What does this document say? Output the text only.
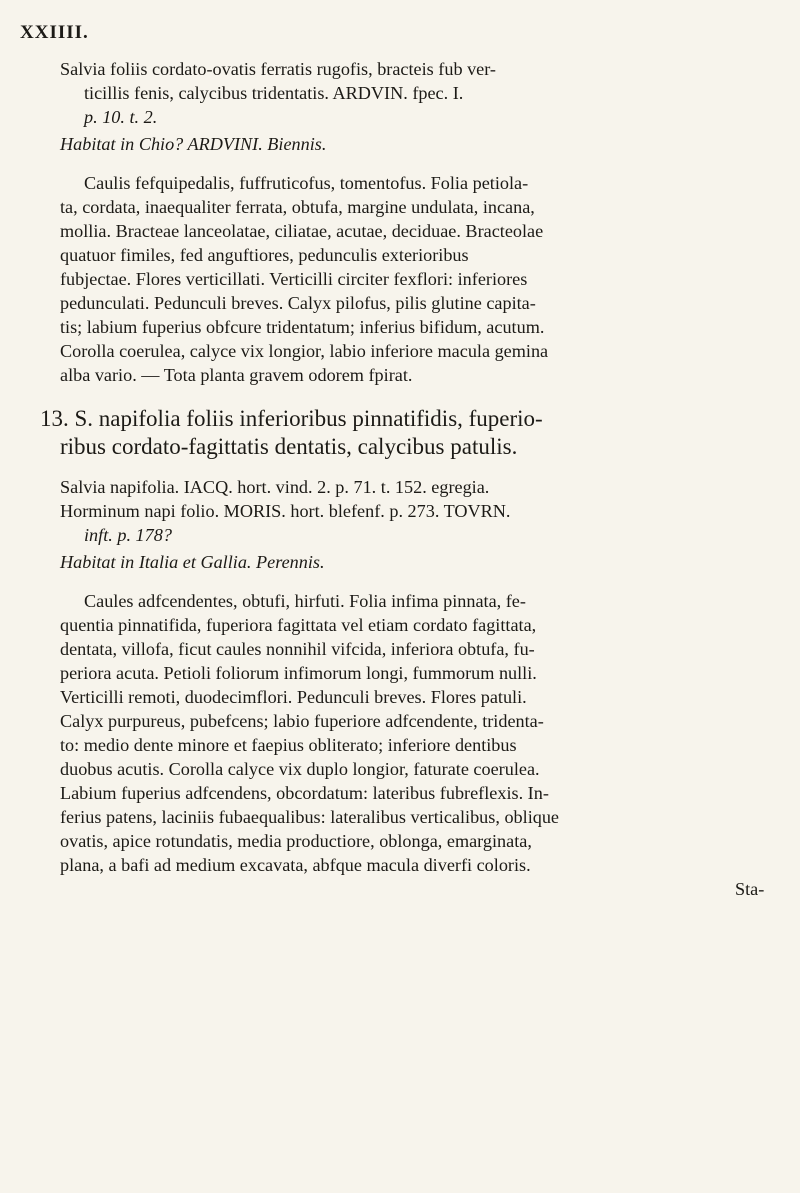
XXIIII.
Salvia foliis cordato-ovatis ferratis rugofis, bracteis fub ver-
ticillis fenis, calycibus tridentatis. ARDVIN. fpec. I.
p. 10. t. 2.
Habitat in Chio? ARDVINI. Biennis.
Caulis fefquipedalis, fuffruticofus, tomentofus. Folia petiola-
ta, cordata, inaequaliter ferrata, obtufa, margine undulata, incana,
mollia. Bracteae lanceolatae, ciliatae, acutae, deciduae. Bracteolae
quatuor fimiles, fed anguftiores, pedunculis exterioribus
fubjectae. Flores verticillati. Verticilli circiter fexflori: inferiores
pedunculati. Pedunculi breves. Calyx pilofus, pilis glutine capita-
tis; labium fuperius obfcure tridentatum; inferius bifidum, acutum.
Corolla coerulea, calyce vix longior, labio inferiore macula gemina
alba vario. — Tota planta gravem odorem fpirat.
13. S. napifolia foliis inferioribus pinnatifidis, fuperio-
ribus cordato-fagittatis dentatis, calycibus patulis.
Salvia napifolia. IACQ. hort. vind. 2. p. 71. t. 152. egregia.
Horminum napi folio. MORIS. hort. blefenf. p. 273. TOVRN.
inft. p. 178?
Habitat in Italia et Gallia. Perennis.
Caules adfcendentes, obtufi, hirfuti. Folia infima pinnata, fe-
quentia pinnatifida, fuperiora fagittata vel etiam cordato fagittata,
dentata, villofa, ficut caules nonnihil vifcida, inferiora obtufa, fu-
periora acuta. Petioli foliorum infimorum longi, fummorum nulli.
Verticilli remoti, duodecimflori. Pedunculi breves. Flores patuli.
Calyx purpureus, pubefcens; labio fuperiore adfcendente, tridenta-
to: medio dente minore et faepius obliterato; inferiore dentibus
duobus acutis. Corolla calyce vix duplo longior, faturate coerulea.
Labium fuperius adfcendens, obcordatum: lateribus fubreflexis. In-
ferius patens, laciniis fubaequalibus: lateralibus verticalibus, oblique
ovatis, apice rotundatis, media productiore, oblonga, emarginata,
plana, a bafi ad medium excavata, abfque macula diverfi coloris.
Sta-
